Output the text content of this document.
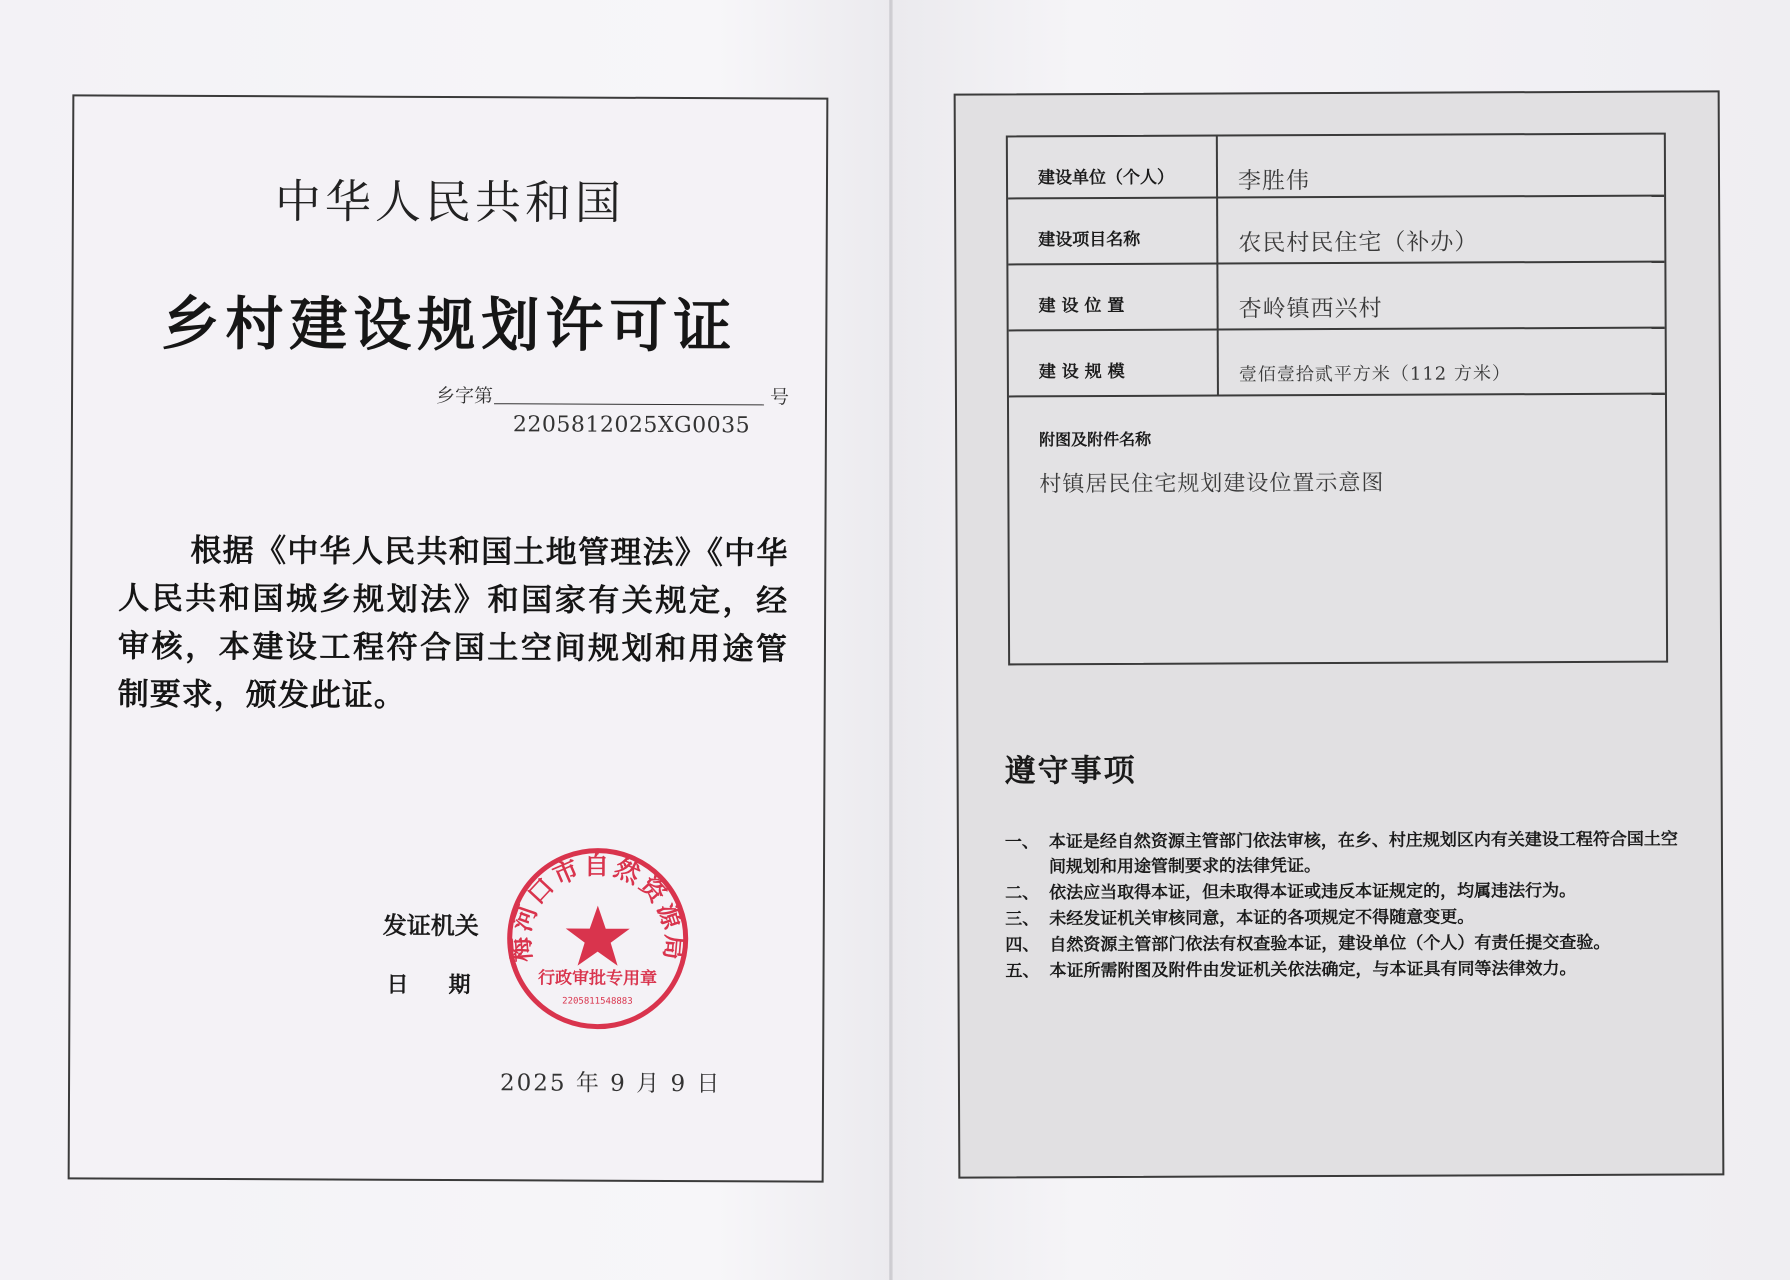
中华人民共和国
乡村建设规划许可证
乡字第	号
2205812025XG0035
根据《中华人民共和国土地管理法》《中华人民共和国城乡规划法》和国家有关规定，经审核，本建设工程符合国土空间规划和用途管制要求，颁发此证。
发证机关
日期
梅河口市自然资源局
行政审批专用章
2205811548883
2025 年 9 月 9 日
建设单位（个人）	李胜伟
建设项目名称	农民村民住宅（补办）
建 设 位 置	杏岭镇西兴村
建 设 规 模	壹佰壹拾贰平方米（112 方米）
附图及附件名称
村镇居民住宅规划建设位置示意图
遵守事项
一、 本证是经自然资源主管部门依法审核，在乡、村庄规划区内有关建设工程符合国土空间规划和用途管制要求的法律凭证。
二、 依法应当取得本证，但未取得本证或违反本证规定的，均属违法行为。
三、 未经发证机关审核同意，本证的各项规定不得随意变更。
四、 自然资源主管部门依法有权查验本证，建设单位（个人）有责任提交查验。
五、 本证所需附图及附件由发证机关依法确定，与本证具有同等法律效力。
